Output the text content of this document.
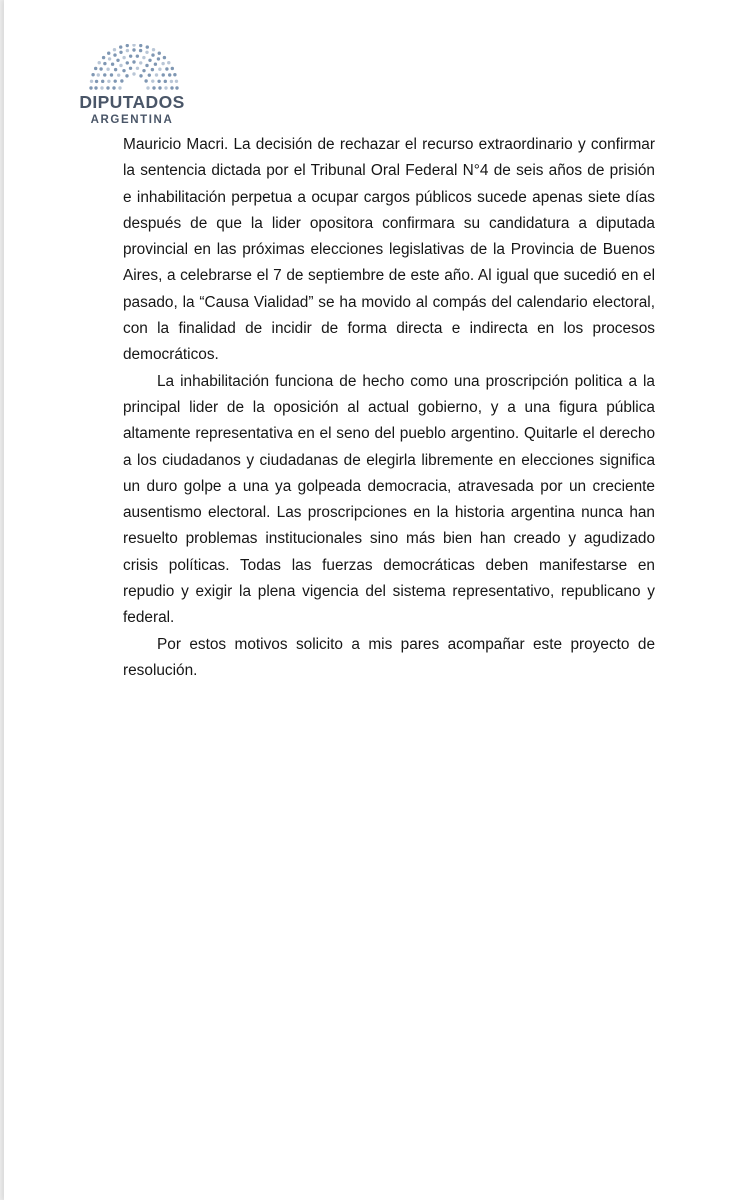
DIPUTADOS
ARGENTINA

Mauricio Macri. La decisión de rechazar el recurso extraordinario y confirmar la sentencia dictada por el Tribunal Oral Federal N°4 de seis años de prisión e inhabilitación perpetua a ocupar cargos públicos sucede apenas siete días después de que la lider opositora confirmara su candidatura a diputada provincial en las próximas elecciones legislativas de la Provincia de Buenos Aires, a celebrarse el 7 de septiembre de este año. Al igual que sucedió en el pasado, la “Causa Vialidad” se ha movido al compás del calendario electoral, con la finalidad de incidir de forma directa e indirecta en los procesos democráticos.

La inhabilitación funciona de hecho como una proscripción politica a la principal lider de la oposición al actual gobierno, y a una figura pública altamente representativa en el seno del pueblo argentino. Quitarle el derecho a los ciudadanos y ciudadanas de elegirla libremente en elecciones significa un duro golpe a una ya golpeada democracia, atravesada por un creciente ausentismo electoral. Las proscripciones en la historia argentina nunca han resuelto problemas institucionales sino más bien han creado y agudizado crisis políticas. Todas las fuerzas democráticas deben manifestarse en repudio y exigir la plena vigencia del sistema representativo, republicano y federal.

Por estos motivos solicito a mis pares acompañar este proyecto de resolución.
